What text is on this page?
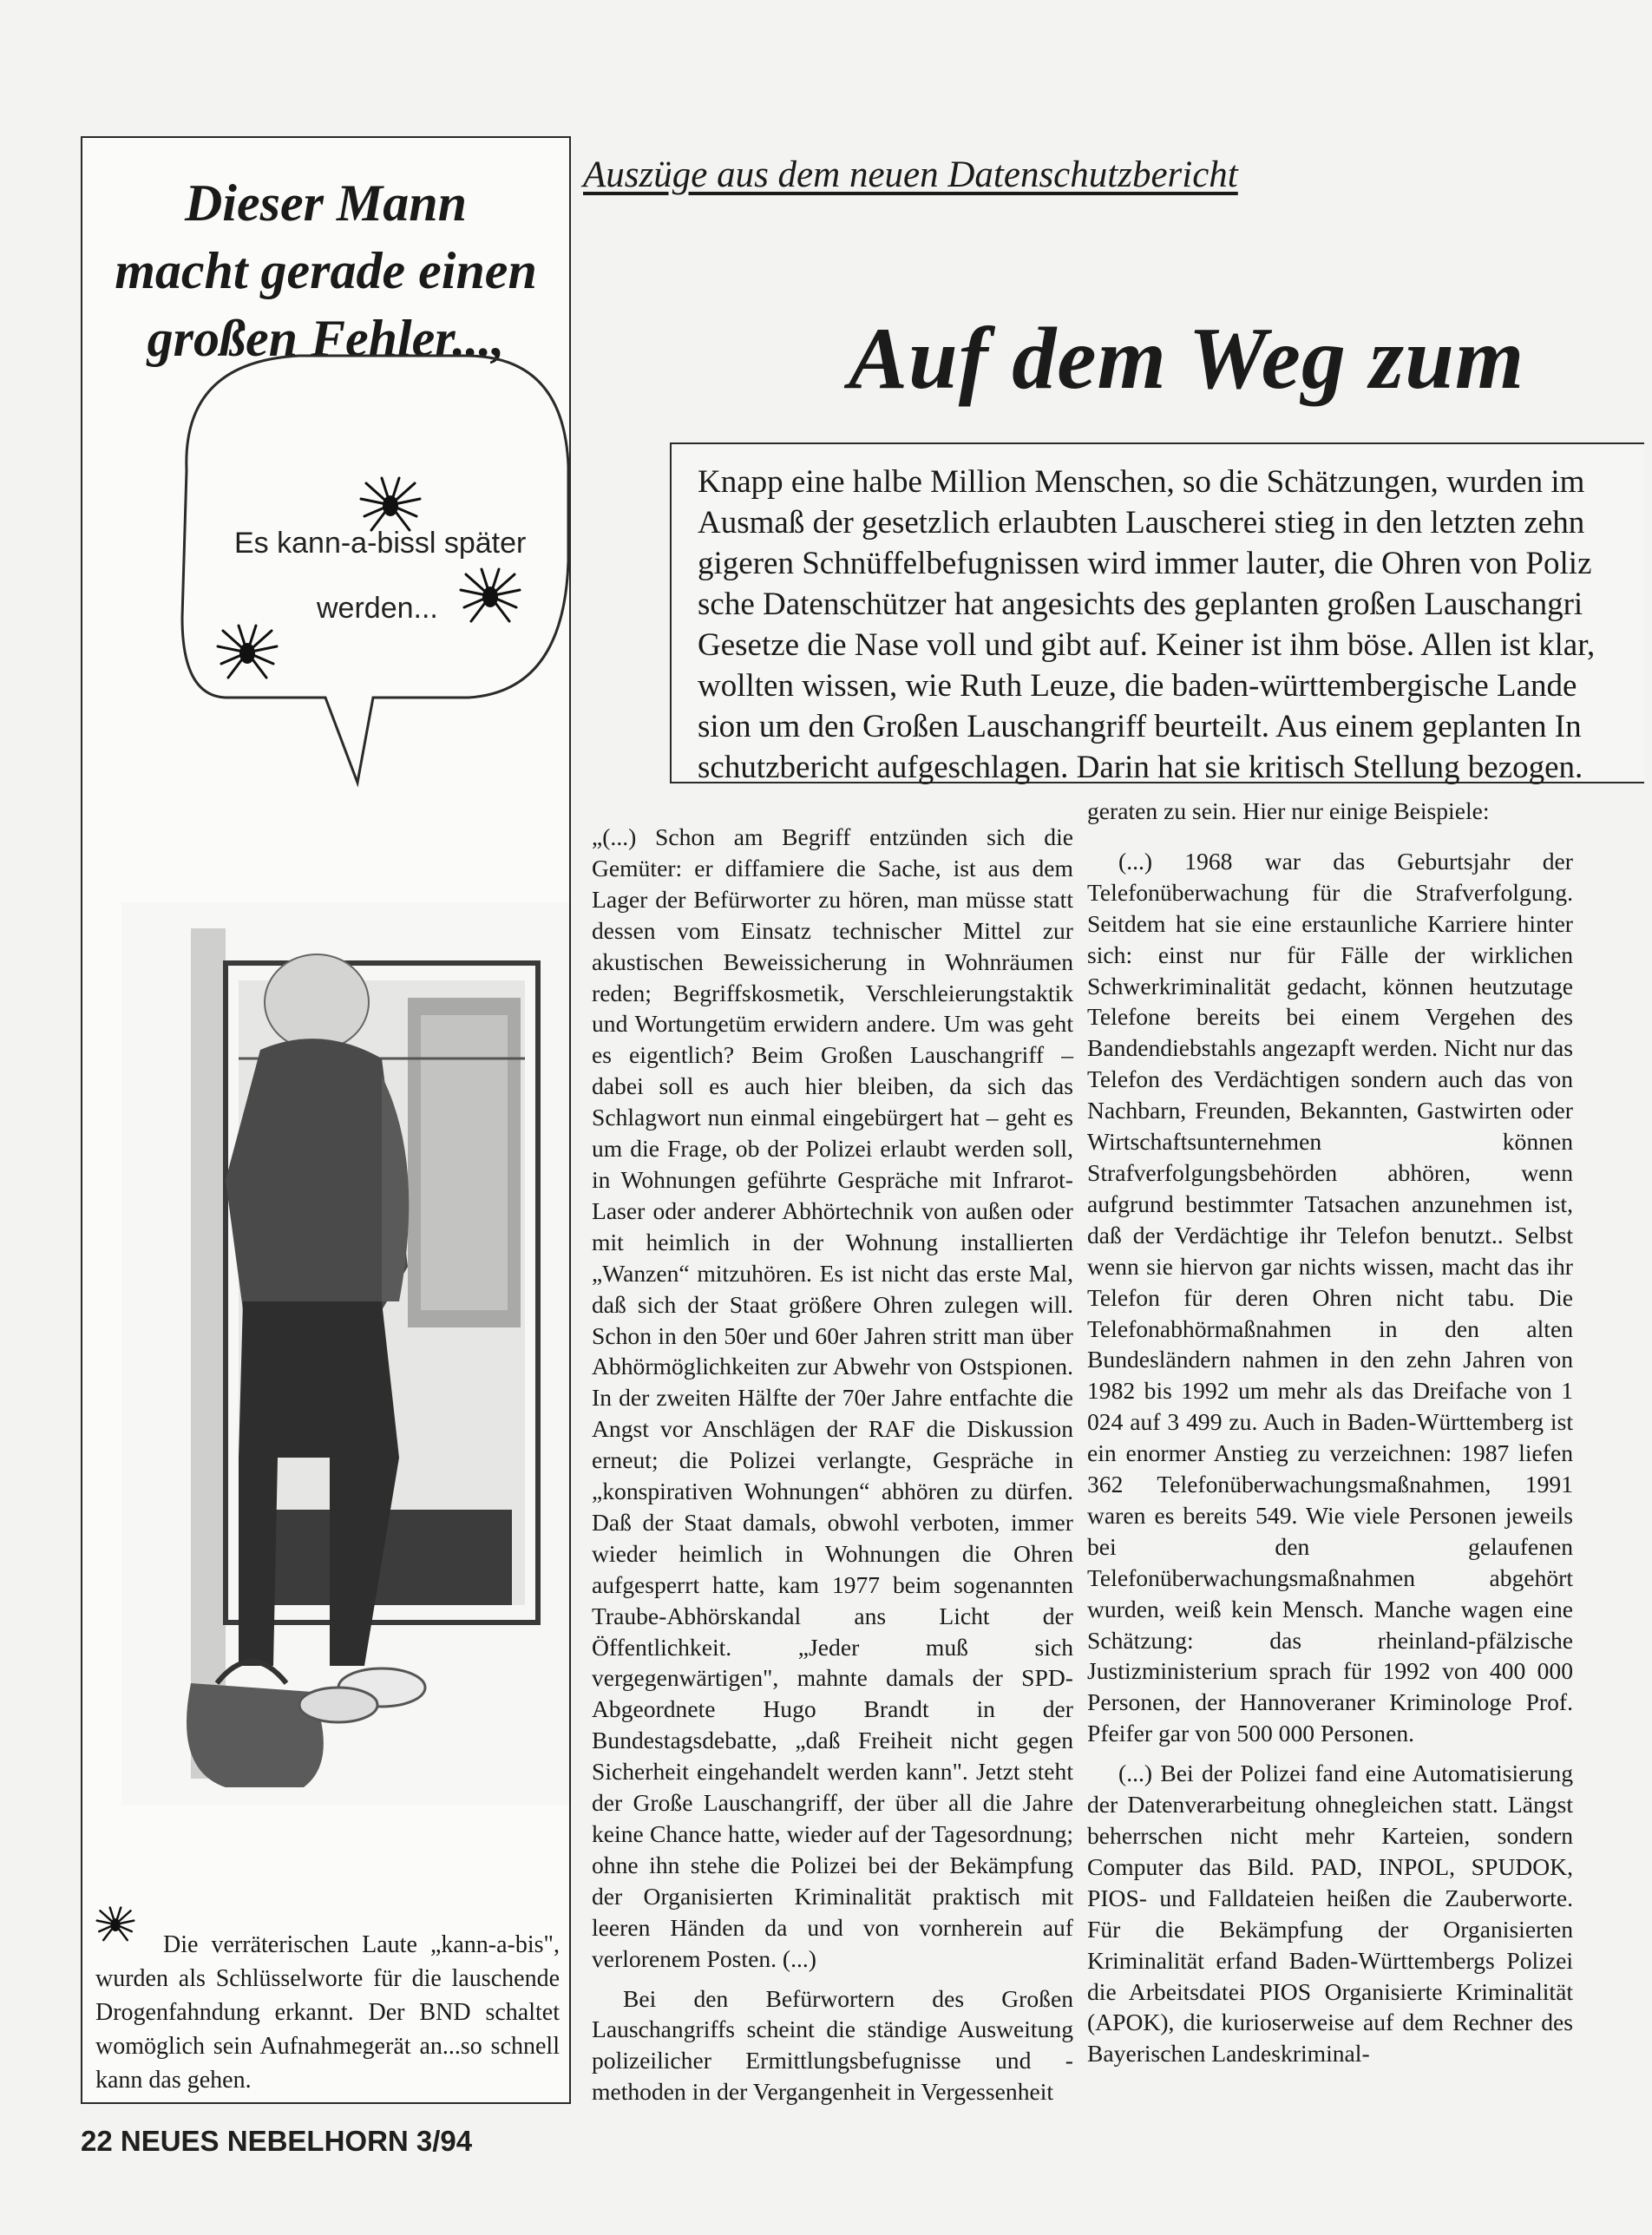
Dieser Mann
macht gerade einen
großen Fehler...,
Es kann-a-bissl später
werden...
Die verräterischen Laute „kann-a-bis", wurden als Schlüsselworte für die lauschende Drogenfahndung erkannt. Der BND schaltet womöglich sein Aufnahmegerät an...so schnell kann das gehen.
Auszüge aus dem neuen Datenschutzbericht
Auf dem Weg zum
Knapp eine halbe Million Menschen, so die Schätzungen, wurden im
Ausmaß der gesetzlich erlaubten Lauscherei stieg in den letzten zehn
gigeren Schnüffelbefugnissen wird immer lauter, die Ohren von Poliz
sche Datenschützer hat angesichts des geplanten großen Lauschangri
Gesetze die Nase voll und gibt auf. Keiner ist ihm böse. Allen ist klar,
wollten wissen, wie Ruth Leuze, die baden-württembergische Lande
sion um den Großen Lauschangriff beurteilt. Aus einem geplanten In
schutzbericht aufgeschlagen. Darin hat sie kritisch Stellung bezogen.

„(...) Schon am Begriff entzünden sich die Gemüter: er diffamiere die Sache, ist aus dem Lager der Befürworter zu hören, man müsse statt dessen vom Einsatz technischer Mittel zur akustischen Beweissicherung in Wohnräumen reden; Begriffskosmetik, Verschleierungstaktik und Wortungetüm erwidern andere. Um was geht es eigentlich? Beim Großen Lauschangriff – dabei soll es auch hier bleiben, da sich das Schlagwort nun einmal eingebürgert hat – geht es um die Frage, ob der Polizei erlaubt werden soll, in Wohnungen geführte Gespräche mit Infrarot-Laser oder anderer Abhörtechnik von außen oder mit heimlich in der Wohnung installierten „Wanzen“ mitzuhören. Es ist nicht das erste Mal, daß sich der Staat größere Ohren zulegen will. Schon in den 50er und 60er Jahren stritt man über Abhörmöglichkeiten zur Abwehr von Ostspionen. In der zweiten Hälfte der 70er Jahre entfachte die Angst vor Anschlägen der RAF die Diskussion erneut; die Polizei verlangte, Gespräche in „konspirativen Wohnungen“ abhören zu dürfen. Daß der Staat damals, obwohl verboten, immer wieder heimlich in Wohnungen die Ohren aufgesperrt hatte, kam 1977 beim sogenannten Traube-Abhörskandal ans Licht der Öffentlichkeit. „Jeder muß sich vergegenwärtigen", mahnte damals der SPD-Abgeordnete Hugo Brandt in der Bundestagsdebatte, „daß Freiheit nicht gegen Sicherheit eingehandelt werden kann". Jetzt steht der Große Lauschangriff, der über all die Jahre keine Chance hatte, wieder auf der Tagesordnung; ohne ihn stehe die Polizei bei der Bekämpfung der Organisierten Kriminalität praktisch mit leeren Händen da und von vornherein auf verlorenem Posten. (...)

Bei den Befürwortern des Großen Lauschangriffs scheint die ständige Ausweitung polizeilicher Ermittlungsbefugnisse und -methoden in der Vergangenheit in Vergessenheit

geraten zu sein. Hier nur einige Beispiele:

(...) 1968 war das Geburtsjahr der Telefonüberwachung für die Strafverfolgung. Seitdem hat sie eine erstaunliche Karriere hinter sich: einst nur für Fälle der wirklichen Schwerkriminalität gedacht, können heutzutage Telefone bereits bei einem Vergehen des Bandendiebstahls angezapft werden. Nicht nur das Telefon des Verdächtigen sondern auch das von Nachbarn, Freunden, Bekannten, Gastwirten oder Wirtschaftsunternehmen können Strafverfolgungsbehörden abhören, wenn aufgrund bestimmter Tatsachen anzunehmen ist, daß der Verdächtige ihr Telefon benutzt.. Selbst wenn sie hiervon gar nichts wissen, macht das ihr Telefon für deren Ohren nicht tabu. Die Telefonabhörmaßnahmen in den alten Bundesländern nahmen in den zehn Jahren von 1982 bis 1992 um mehr als das Dreifache von 1 024 auf 3 499 zu. Auch in Baden-Württemberg ist ein enormer Anstieg zu verzeichnen: 1987 liefen 362 Telefonüberwachungsmaßnahmen, 1991 waren es bereits 549. Wie viele Personen jeweils bei den gelaufenen Telefonüberwachungsmaßnahmen abgehört wurden, weiß kein Mensch. Manche wagen eine Schätzung: das rheinland-pfälzische Justizministerium sprach für 1992 von 400 000 Personen, der Hannoveraner Kriminologe Prof. Pfeifer gar von 500 000 Personen.

(...) Bei der Polizei fand eine Automatisierung der Datenverarbeitung ohnegleichen statt. Längst beherrschen nicht mehr Karteien, sondern Computer das Bild. PAD, INPOL, SPUDOK, PIOS- und Falldateien heißen die Zauberworte. Für die Bekämpfung der Organisierten Kriminalität erfand Baden-Württembergs Polizei die Arbeitsdatei PIOS Organisierte Kriminalität (APOK), die kurioserweise auf dem Rechner des Bayerischen Landeskriminal-

22 NEUES NEBELHORN 3/94
